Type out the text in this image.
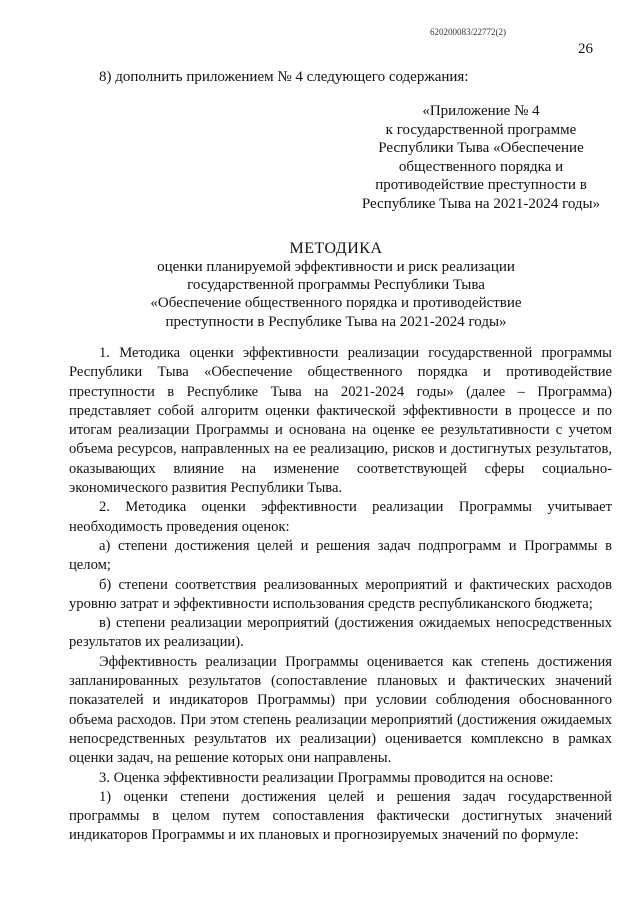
620200083/22772(2)
26
8) дополнить приложением № 4 следующего содержания:
«Приложение № 4
к государственной программе
Республики Тыва «Обеспечение
общественного порядка и
противодействие преступности в
Республике Тыва на 2021-2024 годы»
МЕТОДИКА
оценки планируемой эффективности и риск реализации
государственной программы Республики Тыва
«Обеспечение общественного порядка и противодействие
преступности в Республике Тыва на 2021-2024 годы»

1. Методика оценки эффективности реализации государственной программы Республики Тыва «Обеспечение общественного порядка и противодействие преступности в Республике Тыва на 2021-2024 годы» (далее – Программа) представляет собой алгоритм оценки фактической эффективности в процессе и по итогам реализации Программы и основана на оценке ее результативности с учетом объема ресурсов, направленных на ее реализацию, рисков и достигнутых результатов, оказывающих влияние на изменение соответствующей сферы социально-экономического развития Республики Тыва.

2. Методика оценки эффективности реализации Программы учитывает необходимость проведения оценок:

а) степени достижения целей и решения задач подпрограмм и Программы в целом;

б) степени соответствия реализованных мероприятий и фактических расходов уровню затрат и эффективности использования средств республиканского бюджета;

в) степени реализации мероприятий (достижения ожидаемых непосредственных результатов их реализации).

Эффективность реализации Программы оценивается как степень достижения запланированных результатов (сопоставление плановых и фактических значений показателей и индикаторов Программы) при условии соблюдения обоснованного объема расходов. При этом степень реализации мероприятий (достижения ожидаемых непосредственных результатов их реализации) оценивается комплексно в рамках оценки задач, на решение которых они направлены.

3. Оценка эффективности реализации Программы проводится на основе:

1) оценки степени достижения целей и решения задач государственной программы в целом путем сопоставления фактически достигнутых значений индикаторов Программы и их плановых и прогнозируемых значений по формуле:
